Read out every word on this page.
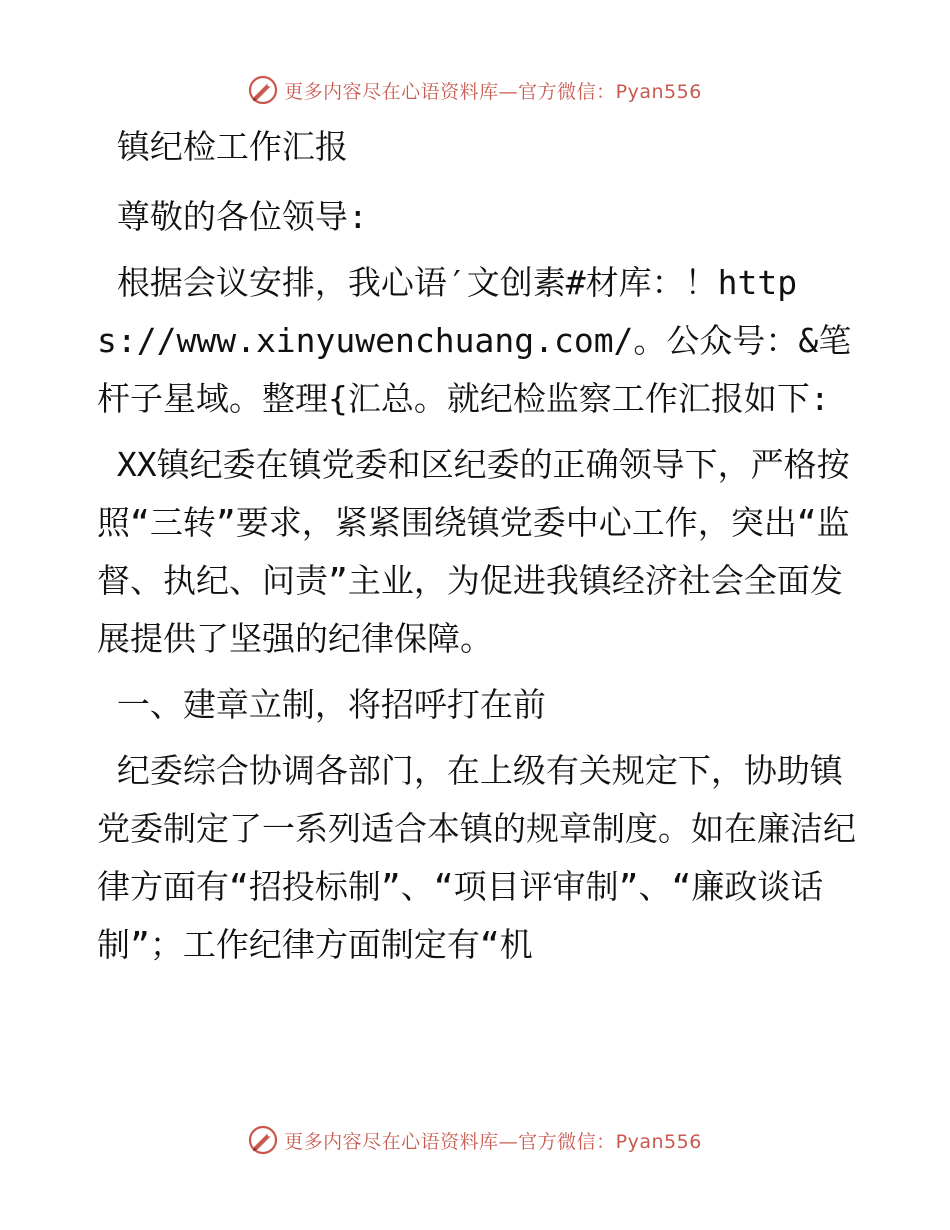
更多内容尽在心语资料库—官方微信：Pyan556

镇纪检工作汇报

尊敬的各位领导:

根据会议安排，我心语′文创素#材库：！https://www.xinyuwenchuang.com/。公众号：&笔杆子星域。整理{汇总。就纪检监察工作汇报如下:

XX镇纪委在镇党委和区纪委的正确领导下，严格按照“三转”要求，紧紧围绕镇党委中心工作，突出“监督、执纪、问责”主业，为促进我镇经济社会全面发展提供了坚强的纪律保障。

一、建章立制，将招呼打在前

纪委综合协调各部门，在上级有关规定下，协助镇党委制定了一系列适合本镇的规章制度。如在廉洁纪律方面有“招投标制”、“项目评审制”、“廉政谈话制”；工作纪律方面制定有“机

更多内容尽在心语资料库—官方微信：Pyan556
